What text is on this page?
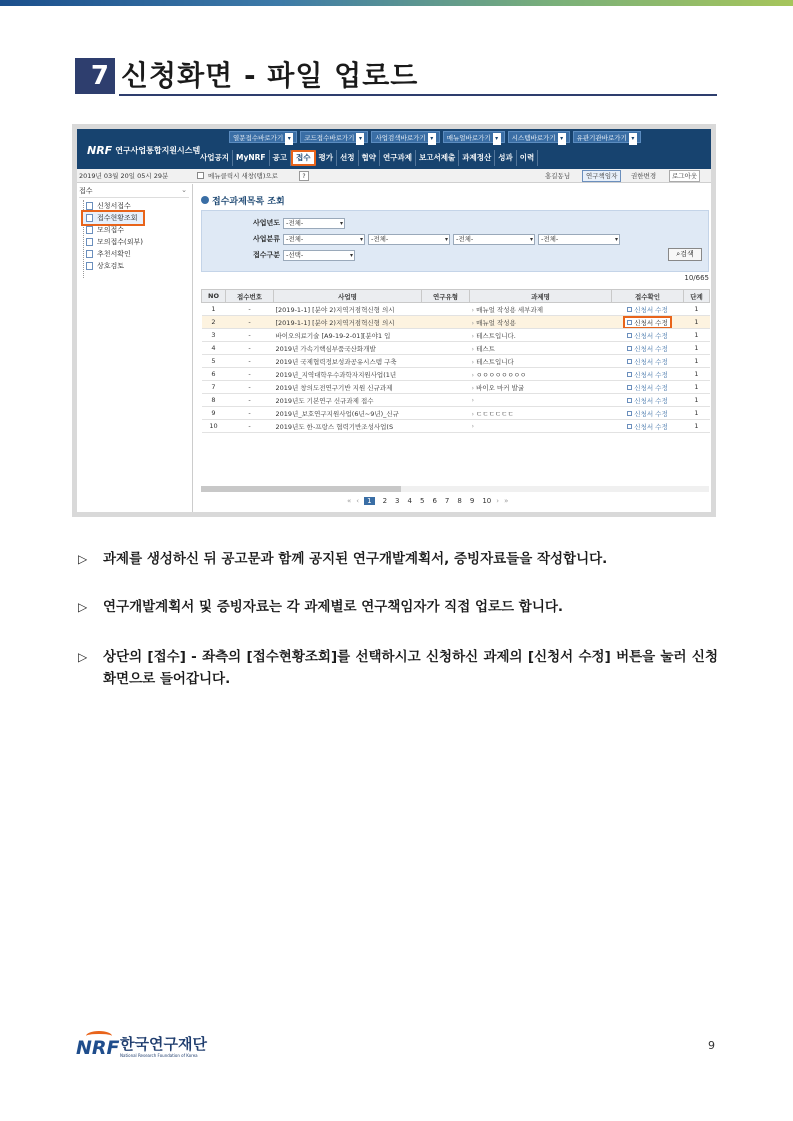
7 신청화면 - 파일 업로드
NRF 연구사업통합지원시스템
열문접수바로가기 ▾	코드접수바로가기 ▾	사업검색바로가기 ▾	매뉴얼바로가기 ▾	시스템바로가기 ▾	유관기관바로가기 ▾
사업공지 MyNRF 공고	접수	평가 선정 협약 연구과제 보고서제출 과제정산 성과 이력
2019년 03월 20일 05시 29분	메뉴클릭시 새창(탭)으로	?	홍길동님	연구책임자	권한변경	로그아웃
접수	⌄
신청서접수
접수현황조회
모의접수
모의접수(외부)
추천서확인
상호검토
접수과제목록 조회
사업년도 -전체- ▾
사업분류 -전체- ▾	-전체- ▾	-전체- ▾	-전체- ▾
접수구분 -선택- ▾	⌕검색
10/665
NO	접수번호	사업명	연구유형	과제명	접수확인	단계
1	-	[2019-1-1] [분야 2)지역거점혁신형 의시		› 매뉴얼 작성용 세부과제	신청서 수정	1
2	-	[2019-1-1] [분야 2)지역거점혁신형 의시		› 매뉴얼 작성용	신청서 수정	1
3	-	바이오의료기술 [A9-19-2-01][분야1 입		› 테스트입니다.	신청서 수정	1
4	-	2019년 가속기핵심부품국산화개발		› 테스트	신청서 수정	1
5	-	2019년 국제협력정보성과공유시스템 구축		› 테스트입니다	신청서 수정	1
6	-	2019년_지역대학우수과학자지원사업(1년		› ㅇㅇㅇㅇㅇㅇㅇㅇ	신청서 수정	1
7	-	2019년 창의도전연구기반 지원 신규과제		› 바이오 마커 발굴	신청서 수정	1
8	-	2019년도 기본연구 신규과제 접수		›	신청서 수정	1
9	-	2019년_보호연구지원사업(6년~9년)_신규		› ㄷㄷㄷㄷㄷㄷ	신청서 수정	1
10	-	2019년도 한-프랑스 협력기반조성사업(S		›	신청서 수정	1
« ‹	1	2 3 4 5 6 7 8 9 10 › »
▷ 과제를 생성하신 뒤 공고문과 함께 공지된 연구개발계획서, 증빙자료들을 작성합니다.
▷ 연구개발계획서 및 증빙자료는 각 과제별로 연구책임자가 직접 업로드 합니다.
▷ 상단의 [접수] - 좌측의 [접수현황조회]를 선택하시고 신청하신 과제의 [신청서 수정] 버튼을 눌러 신청화면으로 들어갑니다.
NRF 한국연구재단
National Research Foundation of Korea
9
